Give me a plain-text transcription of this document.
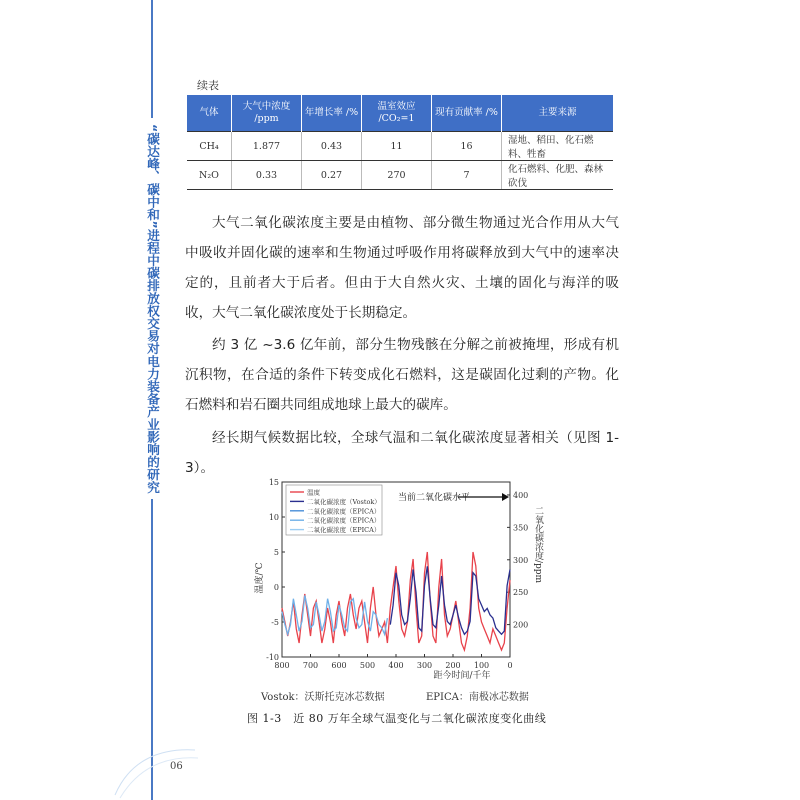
“碳达峰、碳中和”进程中碳排放权交易对电力装备产业影响的研究
续表
气体	大气中浓度 /ppm	年增长率 /%	温室效应 /CO₂=1	现有贡献率 /%	主要来源
CH₄	1.877	0.43	11	16	湿地、稻田、化石燃料、牲畜
N₂O	0.33	0.27	270	7	化石燃料、化肥、森林砍伐

大气二氧化碳浓度主要是由植物、部分微生物通过光合作用从大气中吸收并固化碳的速率和生物通过呼吸作用将碳释放到大气中的速率决定的，且前者大于后者。但由于大自然火灾、土壤的固化与海洋的吸收，大气二氧化碳浓度处于长期稳定。

约 3 亿 ~3.6 亿年前，部分生物残骸在分解之前被掩埋，形成有机沉积物，在合适的条件下转变成化石燃料，这是碳固化过剩的产物。化石燃料和岩石圈共同组成地球上最大的碳库。

经长期气候数据比较，全球气温和二氧化碳浓度显著相关（见图 1-3）。

800 700 600 500 400 300 200 100 0
15
10
5
0
-5
-10
400
350
300
250
200
温度
二氧化碳浓度（Vostok）
二氧化碳浓度（EPICA）
二氧化碳浓度（EPICA）
二氧化碳浓度（EPICA）
温度/℃	二氧化碳浓度/ppm
距今时间/千年
当前二氧化碳水平
Vostok：沃斯托克冰芯数据	EPICA：南极冰芯数据
图 1-3　近 80 万年全球气温变化与二氧化碳浓度变化曲线
06
